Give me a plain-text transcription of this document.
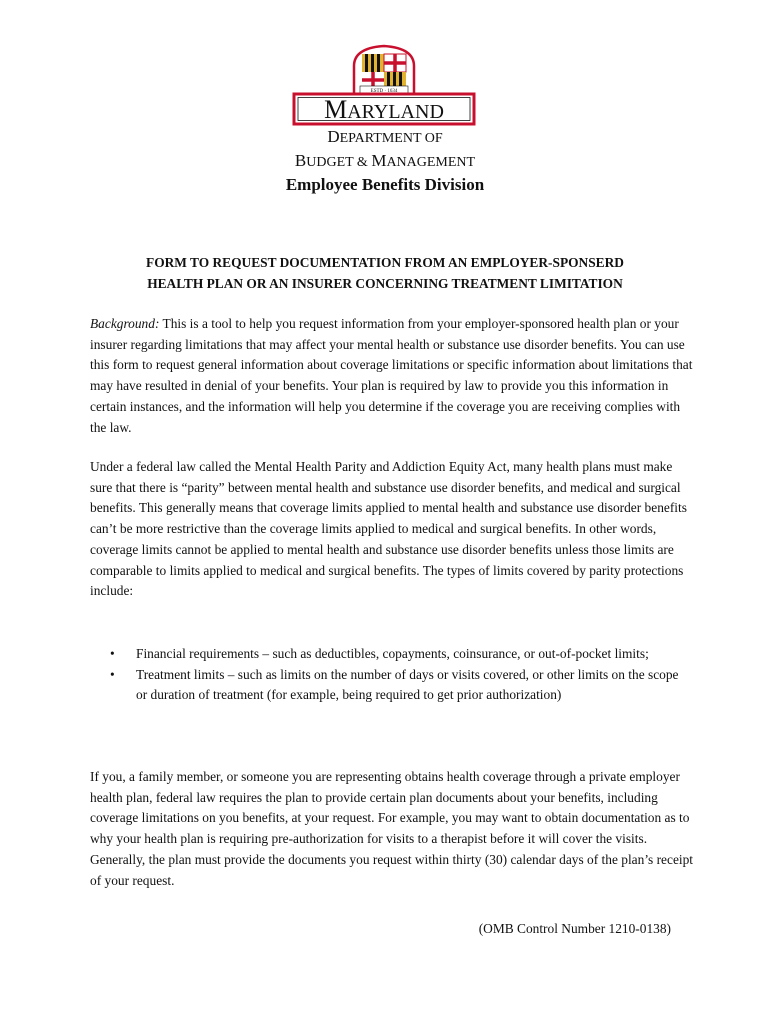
ESTD · 1634
MARYLAND
DEPARTMENT OF
BUDGET & MANAGEMENT
Employee Benefits Division
FORM TO REQUEST DOCUMENTATION FROM AN EMPLOYER-SPONSERD
HEALTH PLAN OR AN INSURER CONCERNING TREATMENT LIMITATION
Background: This is a tool to help you request information from your employer-sponsored health plan or your insurer regarding limitations that may affect your mental health or substance use disorder benefits. You can use this form to request general information about coverage limitations or specific information about limitations that may have resulted in denial of your benefits. Your plan is required by law to provide you this information in certain instances, and the information will help you determine if the coverage you are receiving complies with the law.
Under a federal law called the Mental Health Parity and Addiction Equity Act, many health plans must make sure that there is “parity” between mental health and substance use disorder benefits, and medical and surgical benefits. This generally means that coverage limits applied to mental health and substance use disorder benefits can’t be more restrictive than the coverage limits applied to medical and surgical benefits. In other words, coverage limits cannot be applied to mental health and substance use disorder benefits unless those limits are comparable to limits applied to medical and surgical benefits. The types of limits covered by parity protections include:
• Financial requirements – such as deductibles, copayments, coinsurance, or out-of-pocket limits;
• Treatment limits – such as limits on the number of days or visits covered, or other limits on the scope or duration of treatment (for example, being required to get prior authorization)
If you, a family member, or someone you are representing obtains health coverage through a private employer health plan, federal law requires the plan to provide certain plan documents about your benefits, including coverage limitations on you benefits, at your request. For example, you may want to obtain documentation as to why your health plan is requiring pre-authorization for visits to a therapist before it will cover the visits. Generally, the plan must provide the documents you request within thirty (30) calendar days of the plan’s receipt of your request.
(OMB Control Number 1210-0138)
